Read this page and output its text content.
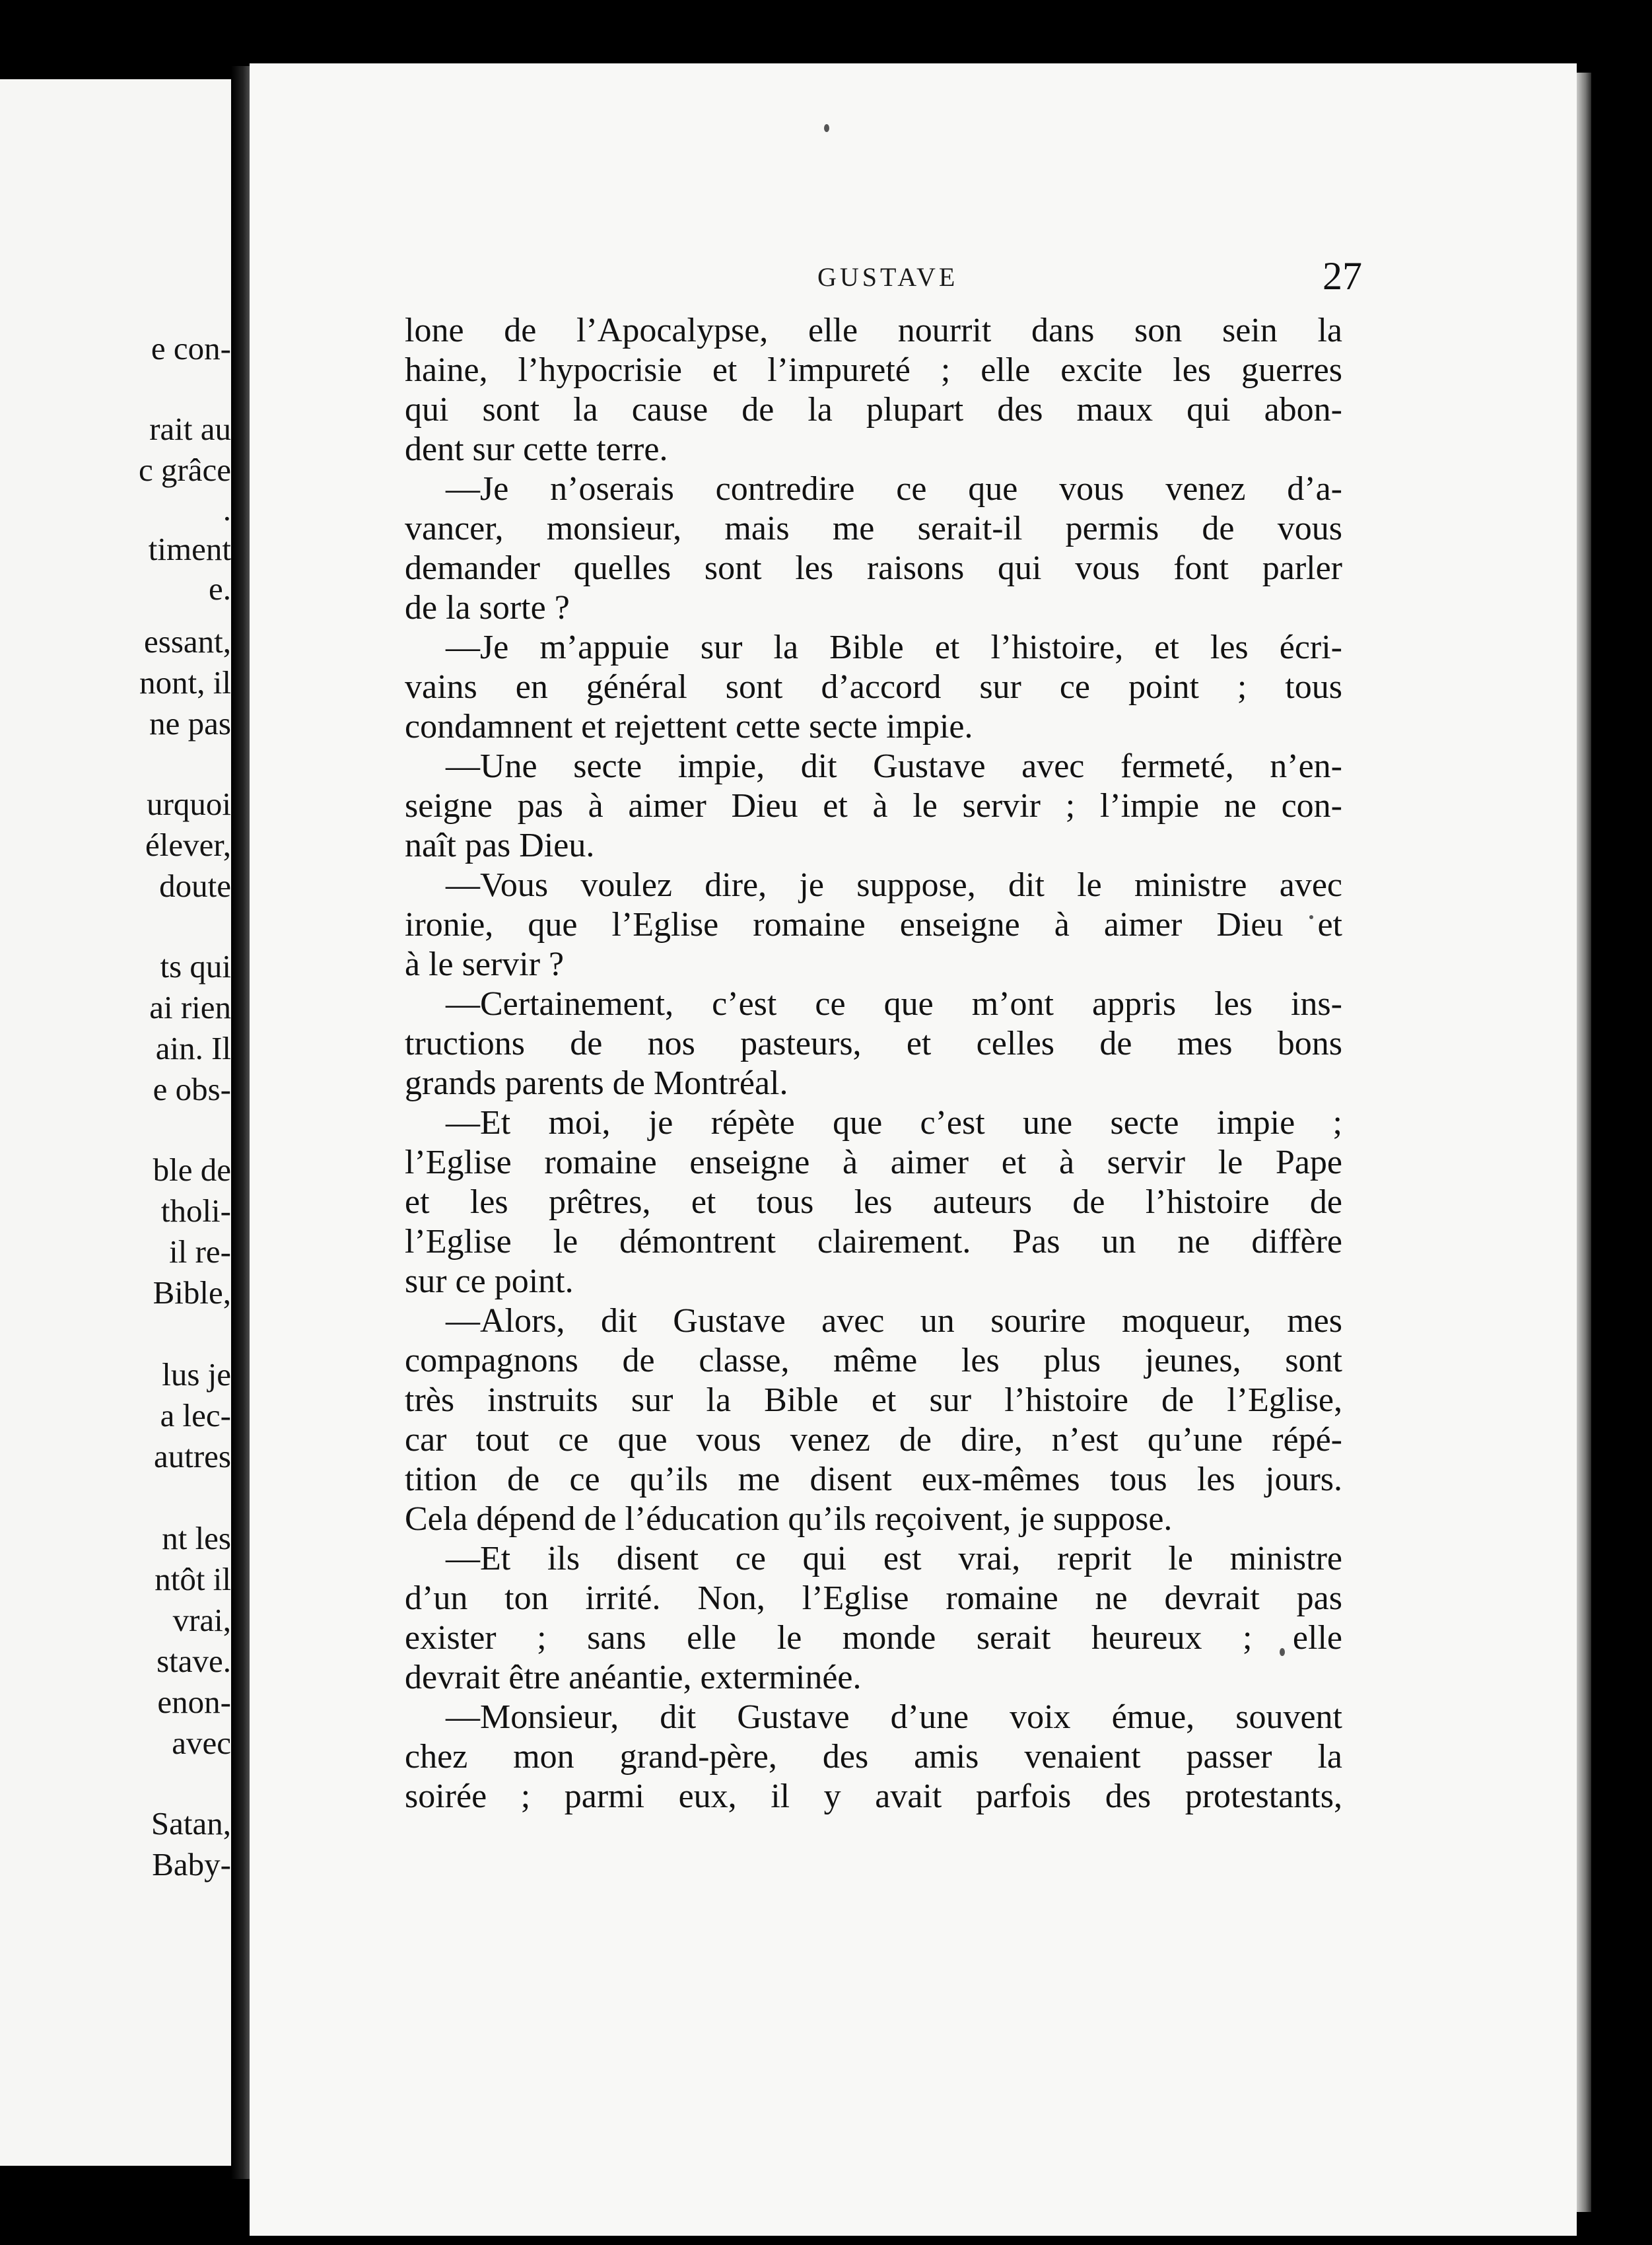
e con-
rait au
c grâce
.
timent
e.
essant,
nont, il
ne pas
urquoi
élever,
doute
ts qui
ai rien
ain. Il
e obs-
ble de
tholi-
il re-
Bible,
lus je
a lec-
autres
nt les
ntôt il
vrai,
stave.
enon-
avec
Satan,
Baby-
GUSTAVE	27
lone de l’Apocalypse, elle nourrit dans son sein la
haine, l’hypocrisie et l’impureté ; elle excite les guerres
qui sont la cause de la plupart des maux qui abon-
dent sur cette terre.
—Je n’oserais contredire ce que vous venez d’a-
vancer, monsieur, mais me serait-il permis de vous
demander quelles sont les raisons qui vous font parler
de la sorte ?
—Je m’appuie sur la Bible et l’histoire, et les écri-
vains en général sont d’accord sur ce point ; tous
condamnent et rejettent cette secte impie.
—Une secte impie, dit Gustave avec fermeté, n’en-
seigne pas à aimer Dieu et à le servir ; l’impie ne con-
naît pas Dieu.
—Vous voulez dire, je suppose, dit le ministre avec
ironie, que l’Eglise romaine enseigne à aimer Dieu et
à le servir ?
—Certainement, c’est ce que m’ont appris les ins-
tructions de nos pasteurs, et celles de mes bons
grands parents de Montréal.
—Et moi, je répète que c’est une secte impie ;
l’Eglise romaine enseigne à aimer et à servir le Pape
et les prêtres, et tous les auteurs de l’histoire de
l’Eglise le démontrent clairement. Pas un ne diffère
sur ce point.
—Alors, dit Gustave avec un sourire moqueur, mes
compagnons de classe, même les plus jeunes, sont
très instruits sur la Bible et sur l’histoire de l’Eglise,
car tout ce que vous venez de dire, n’est qu’une répé-
tition de ce qu’ils me disent eux-mêmes tous les jours.
Cela dépend de l’éducation qu’ils reçoivent, je suppose.
—Et ils disent ce qui est vrai, reprit le ministre
d’un ton irrité. Non, l’Eglise romaine ne devrait pas
exister ; sans elle le monde serait heureux ; elle
devrait être anéantie, exterminée.
—Monsieur, dit Gustave d’une voix émue, souvent
chez mon grand-père, des amis venaient passer la
soirée ; parmi eux, il y avait parfois des protestants,
